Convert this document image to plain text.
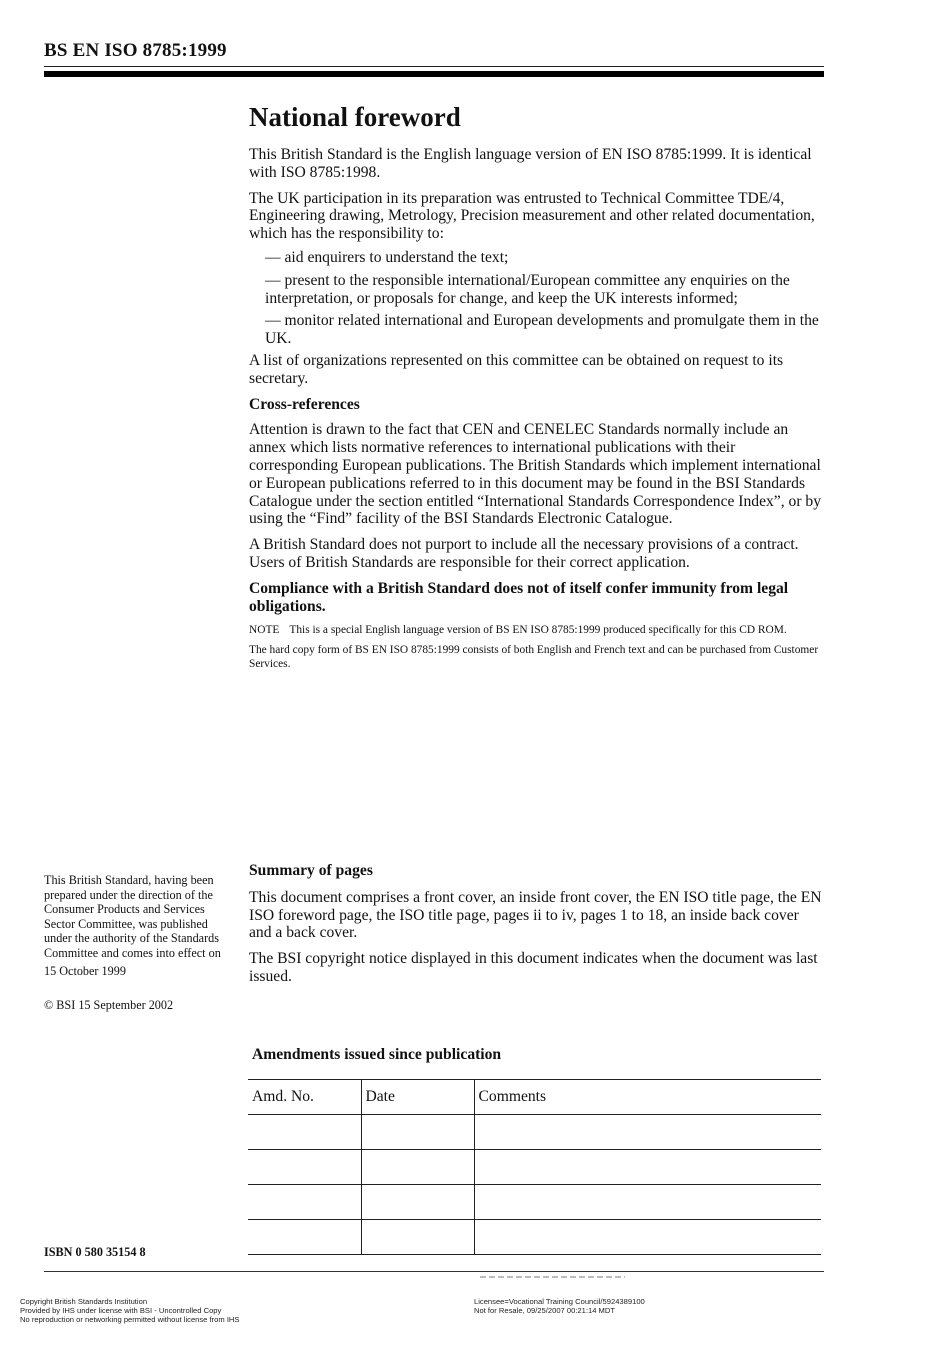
BS EN ISO 8785:1999
National foreword

This British Standard is the English language version of EN ISO 8785:1999. It is identical with ISO 8785:1998.

The UK participation in its preparation was entrusted to Technical Committee TDE/4, Engineering drawing, Metrology, Precision measurement and other related documentation, which has the responsibility to:

— aid enquirers to understand the text;

— present to the responsible international/European committee any enquiries on the interpretation, or proposals for change, and keep the UK interests informed;

— monitor related international and European developments and promulgate them in the UK.

A list of organizations represented on this committee can be obtained on request to its secretary.

Cross-references

Attention is drawn to the fact that CEN and CENELEC Standards normally include an annex which lists normative references to international publications with their corresponding European publications. The British Standards which implement international or European publications referred to in this document may be found in the BSI Standards Catalogue under the section entitled “International Standards Correspondence Index”, or by using the “Find” facility of the BSI Standards Electronic Catalogue.

A British Standard does not purport to include all the necessary provisions of a contract. Users of British Standards are responsible for their correct application.

Compliance with a British Standard does not of itself confer immunity from legal obligations.

NOTE This is a special English language version of BS EN ISO 8785:1999 produced specifically for this CD ROM.

The hard copy form of BS EN ISO 8785:1999 consists of both English and French text and can be purchased from Customer Services.

This British Standard, having been prepared under the direction of the Consumer Products and Services Sector Committee, was published under the authority of the Standards Committee and comes into effect on

15 October 1999

© BSI 15 September 2002

Summary of pages

This document comprises a front cover, an inside front cover, the EN ISO title page, the EN ISO foreword page, the ISO title page, pages ii to iv, pages 1 to 18, an inside back cover and a back cover.

The BSI copyright notice displayed in this document indicates when the document was last issued.

Amendments issued since publication
Amd. No.	Date	Comments

ISBN 0 580 35154 8
Copyright British Standards Institution
Provided by IHS under license with BSI - Uncontrolled Copy
No reproduction or networking permitted without license from IHS
Licensee=Vocational Training Council/5924389100
Not for Resale, 09/25/2007 00:21:14 MDT
